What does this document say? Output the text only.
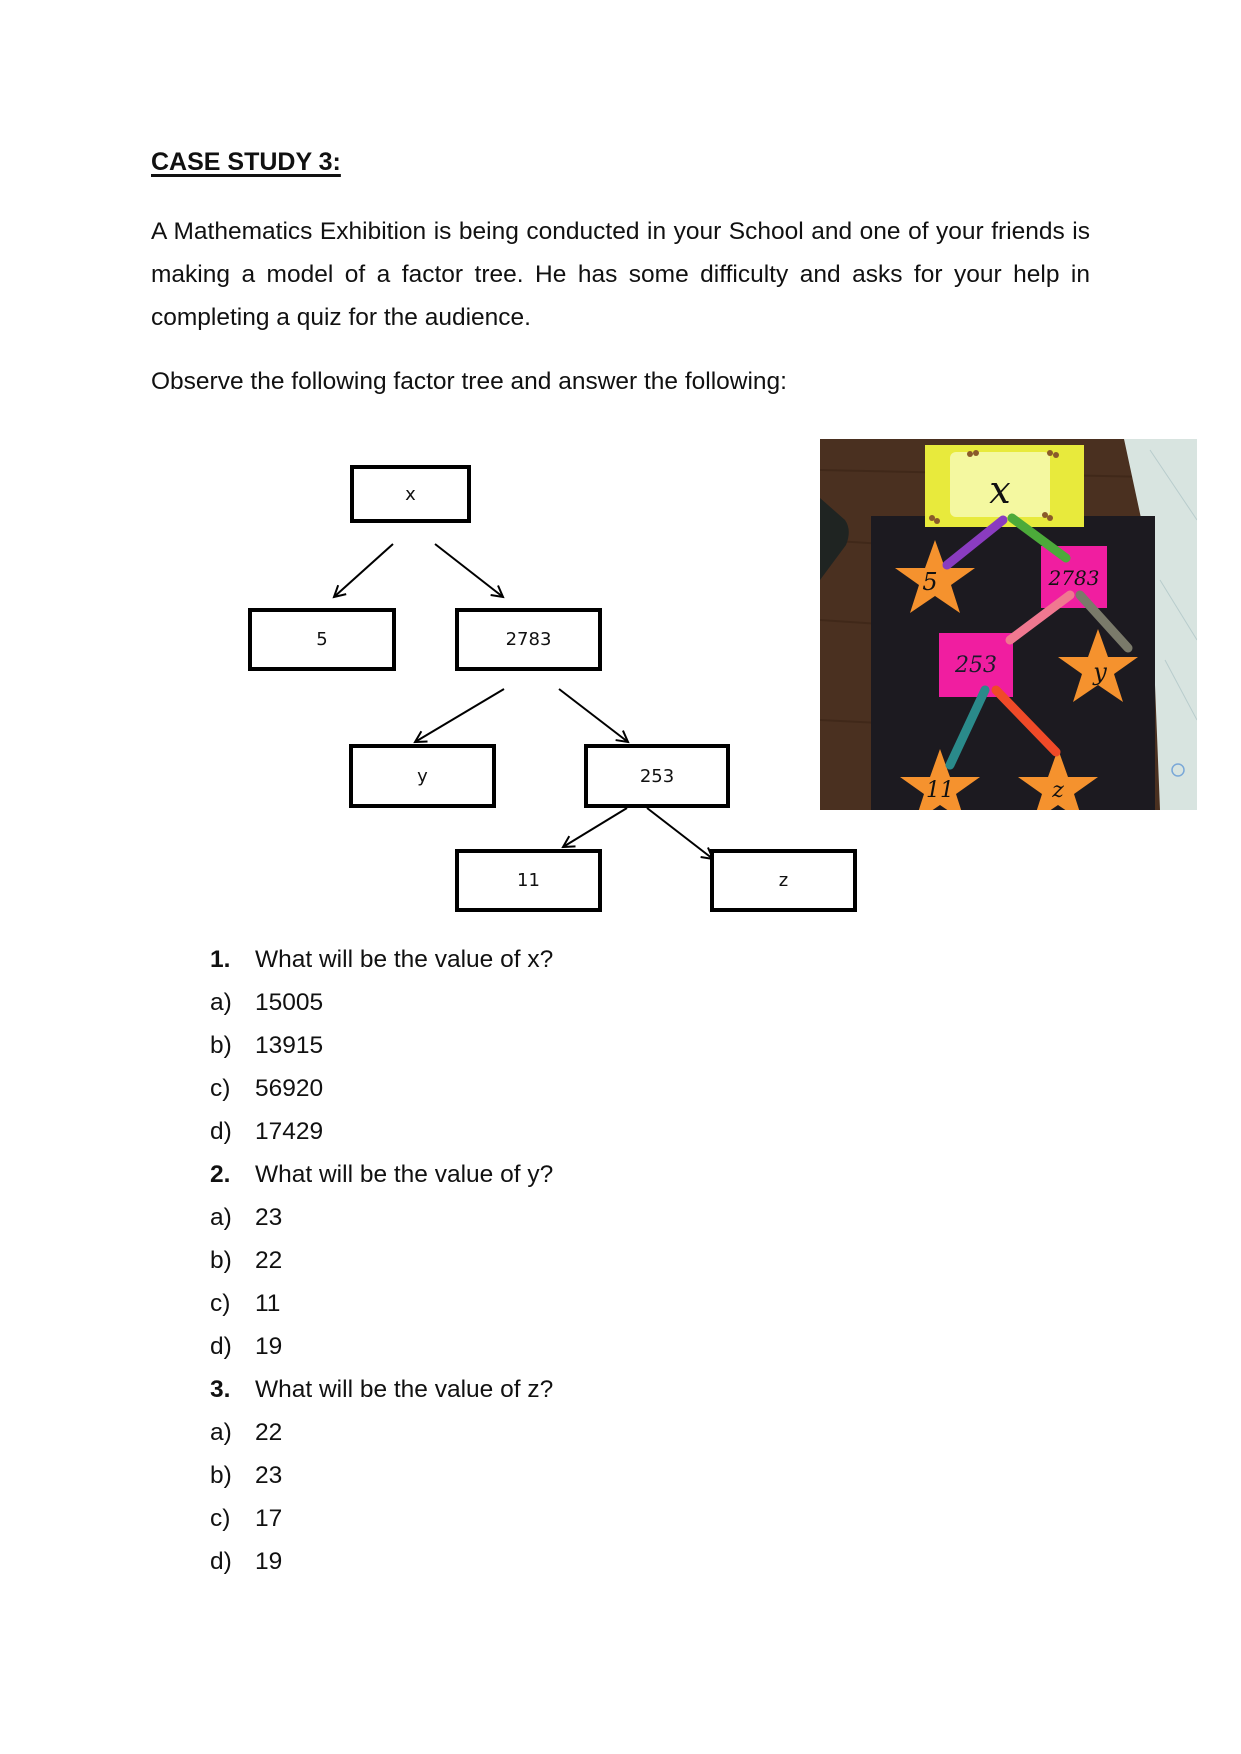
CASE STUDY 3:

A Mathematics Exhibition is being conducted in your School and one of your friends is making a model of a factor tree. He has some difficulty and asks for your help in completing a quiz for the audience.

Observe the following factor tree and answer the following:

x
5	2783
y	253
11	z
x
5	2783
253	y
11	z
1.	What will be the value of x?
a) 15005
b) 13915
c)	56920
d) 17429
2.	What will be the value of y?
a) 23
b) 22
c)	11
d) 19
3.	What will be the value of z?
a) 22
b) 23
c)	17
d) 19
